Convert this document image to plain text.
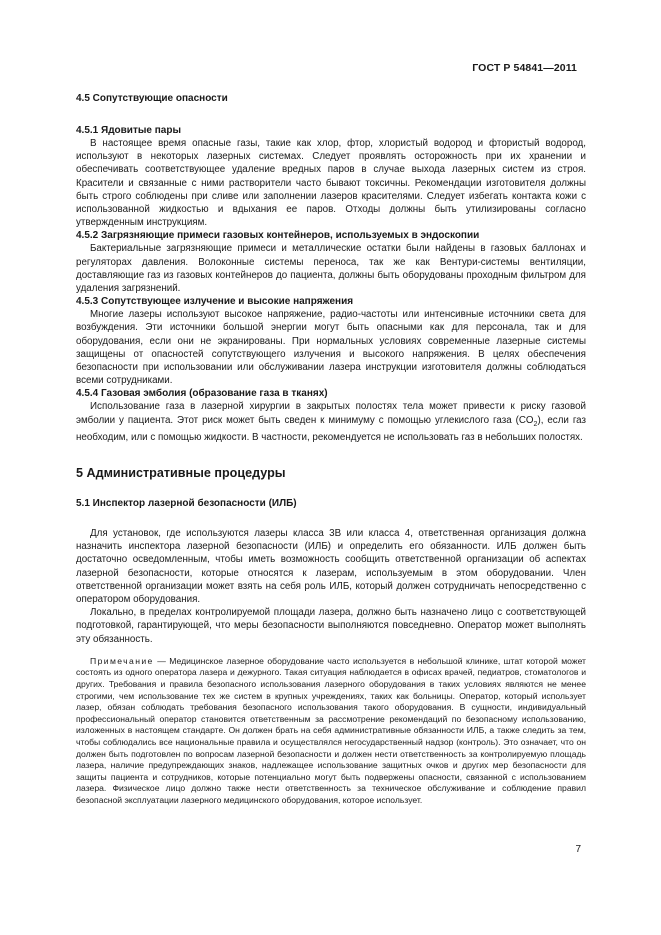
ГОСТ Р 54841—2011
4.5 Сопутствующие опасности
4.5.1 Ядовитые пары

В настоящее время опасные газы, такие как хлор, фтор, хлористый водород и фтористый водород, используют в некоторых лазерных системах. Следует проявлять осторожность при их хранении и обеспечивать соответствующее удаление вредных паров в случае выхода лазерных систем из строя. Красители и связанные с ними растворители часто бывают токсичны. Рекомендации изготовителя должны быть строго соблюдены при сливе или заполнении лазеров красителями. Следует избегать контакта кожи с использованной жидкостью и вдыхания ее паров. Отходы должны быть утилизированы согласно утвержденным инструкциям.

4.5.2 Загрязняющие примеси газовых контейнеров, используемых в эндоскопии

Бактериальные загрязняющие примеси и металлические остатки были найдены в газовых баллонах и регуляторах давления. Волоконные системы переноса, так же как Вентури-системы вентиляции, доставляющие газ из газовых контейнеров до пациента, должны быть оборудованы проходным фильтром для удаления загрязнений.

4.5.3 Сопутствующее излучение и высокие напряжения

Многие лазеры используют высокое напряжение, радио-частоты или интенсивные источники света для возбуждения. Эти источники большой энергии могут быть опасными как для персонала, так и для оборудования, если они не экранированы. При нормальных условиях современные лазерные системы защищены от опасностей сопутствующего излучения и высокого напряжения. В целях обеспечения безопасности при использовании или обслуживании лазера инструкции изготовителя должны соблюдаться всеми сотрудниками.

4.5.4 Газовая эмболия (образование газа в тканях)

Использование газа в лазерной хирургии в закрытых полостях тела может привести к риску газовой эмболии у пациента. Этот риск может быть сведен к минимуму с помощью углекислого газа $(CO_2)$, если газ необходим, или с помощью жидкости. В частности, рекомендуется не использовать газ в небольших полостях.

5 Административные процедуры
5.1 Инспектор лазерной безопасности (ИЛБ)

Для установок, где используются лазеры класса 3В или класса 4, ответственная организация должна назначить инспектора лазерной безопасности (ИЛБ) и определить его обязанности. ИЛБ должен быть достаточно осведомленным, чтобы иметь возможность сообщить ответственной организации об аспектах лазерной безопасности, которые относятся к лазерам, используемым в этом оборудовании. Член ответственной организации может взять на себя роль ИЛБ, который должен сотрудничать непосредственно с оператором оборудования.

Локально, в пределах контролируемой площади лазера, должно быть назначено лицо с соответствующей подготовкой, гарантирующей, что меры безопасности выполняются повседневно. Оператор может выполнять эту обязанность.

Примечание — Медицинское лазерное оборудование часто используется в небольшой клинике, штат которой может состоять из одного оператора лазера и дежурного. Такая ситуация наблюдается в офисах врачей, педиатров, стоматологов и других. Требования и правила безопасного использования лазерного оборудования в таких условиях являются не менее строгими, чем использование тех же систем в крупных учреждениях, таких как больницы. Оператор, который использует лазер, обязан соблюдать требования безопасного использования такого оборудования. В сущности, индивидуальный профессиональный оператор становится ответственным за рассмотрение рекомендаций по безопасному использованию, изложенных в настоящем стандарте. Он должен брать на себя административные обязанности ИЛБ, а также следить за тем, чтобы соблюдались все национальные правила и осуществлялся негосударственный надзор (контроль). Это означает, что он должен быть подготовлен по вопросам лазерной безопасности и должен нести ответственность за контролируемую площадь лазера, наличие предупреждающих знаков, надлежащее использование защитных очков и других мер безопасности для защиты пациента и сотрудников, которые потенциально могут быть подвержены опасности, связанной с использованием лазера. Физическое лицо должно также нести ответственность за техническое обслуживание и соблюдение правил безопасной эксплуатации лазерного медицинского оборудования, которое использует.

7
